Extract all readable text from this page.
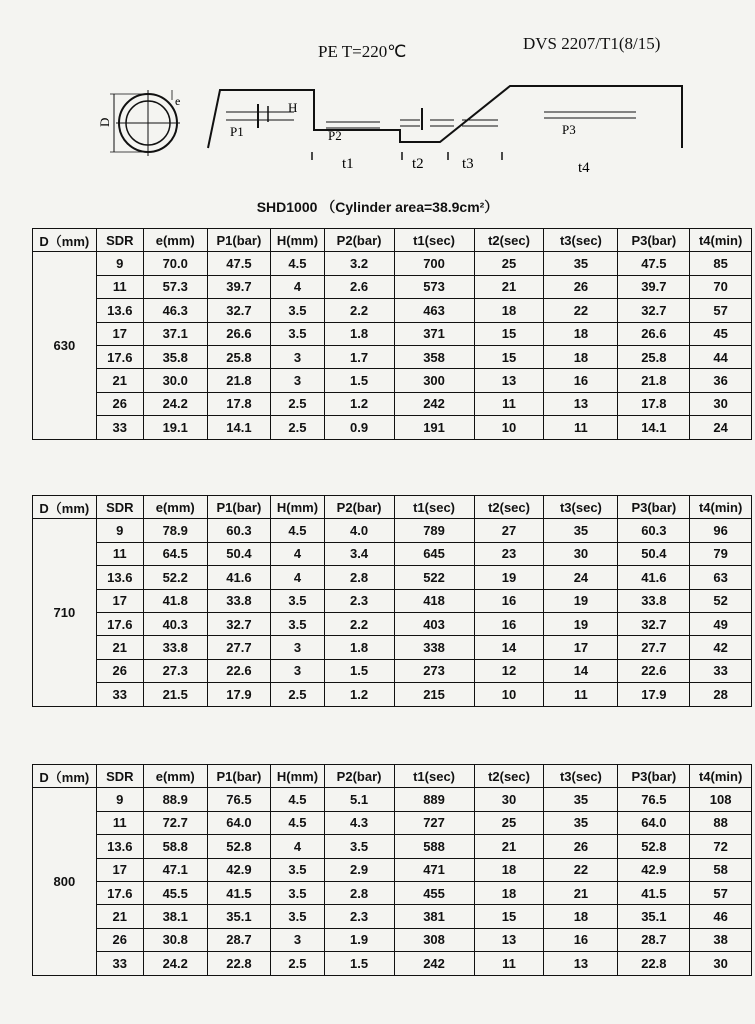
PE T=220℃	DVS 2207/T1(8/15)
D
e	H
P1	P2	P3
t1	t2	t3	t4
SHD1000 （Cylinder area=38.9cm²）
D（mm)	SDR	e(mm)	P1(bar)	H(mm)	P2(bar)	t1(sec)	t2(sec)	t3(sec)	P3(bar)	t4(min)
630	9	70.0	47.5	4.5	3.2	700	25	35	47.5	85
	11	57.3	39.7	4	2.6	573	21	26	39.7	70
	13.6	46.3	32.7	3.5	2.2	463	18	22	32.7	57
	17	37.1	26.6	3.5	1.8	371	15	18	26.6	45
	17.6	35.8	25.8	3	1.7	358	15	18	25.8	44
	21	30.0	21.8	3	1.5	300	13	16	21.8	36
	26	24.2	17.8	2.5	1.2	242	11	13	17.8	30
	33	19.1	14.1	2.5	0.9	191	10	11	14.1	24
D（mm)	SDR	e(mm)	P1(bar)	H(mm)	P2(bar)	t1(sec)	t2(sec)	t3(sec)	P3(bar)	t4(min)
710	9	78.9	60.3	4.5	4.0	789	27	35	60.3	96
	11	64.5	50.4	4	3.4	645	23	30	50.4	79
	13.6	52.2	41.6	4	2.8	522	19	24	41.6	63
	17	41.8	33.8	3.5	2.3	418	16	19	33.8	52
	17.6	40.3	32.7	3.5	2.2	403	16	19	32.7	49
	21	33.8	27.7	3	1.8	338	14	17	27.7	42
	26	27.3	22.6	3	1.5	273	12	14	22.6	33
	33	21.5	17.9	2.5	1.2	215	10	11	17.9	28
D（mm)	SDR	e(mm)	P1(bar)	H(mm)	P2(bar)	t1(sec)	t2(sec)	t3(sec)	P3(bar)	t4(min)
800	9	88.9	76.5	4.5	5.1	889	30	35	76.5	108
	11	72.7	64.0	4.5	4.3	727	25	35	64.0	88
	13.6	58.8	52.8	4	3.5	588	21	26	52.8	72
	17	47.1	42.9	3.5	2.9	471	18	22	42.9	58
	17.6	45.5	41.5	3.5	2.8	455	18	21	41.5	57
	21	38.1	35.1	3.5	2.3	381	15	18	35.1	46
	26	30.8	28.7	3	1.9	308	13	16	28.7	38
	33	24.2	22.8	2.5	1.5	242	11	13	22.8	30
